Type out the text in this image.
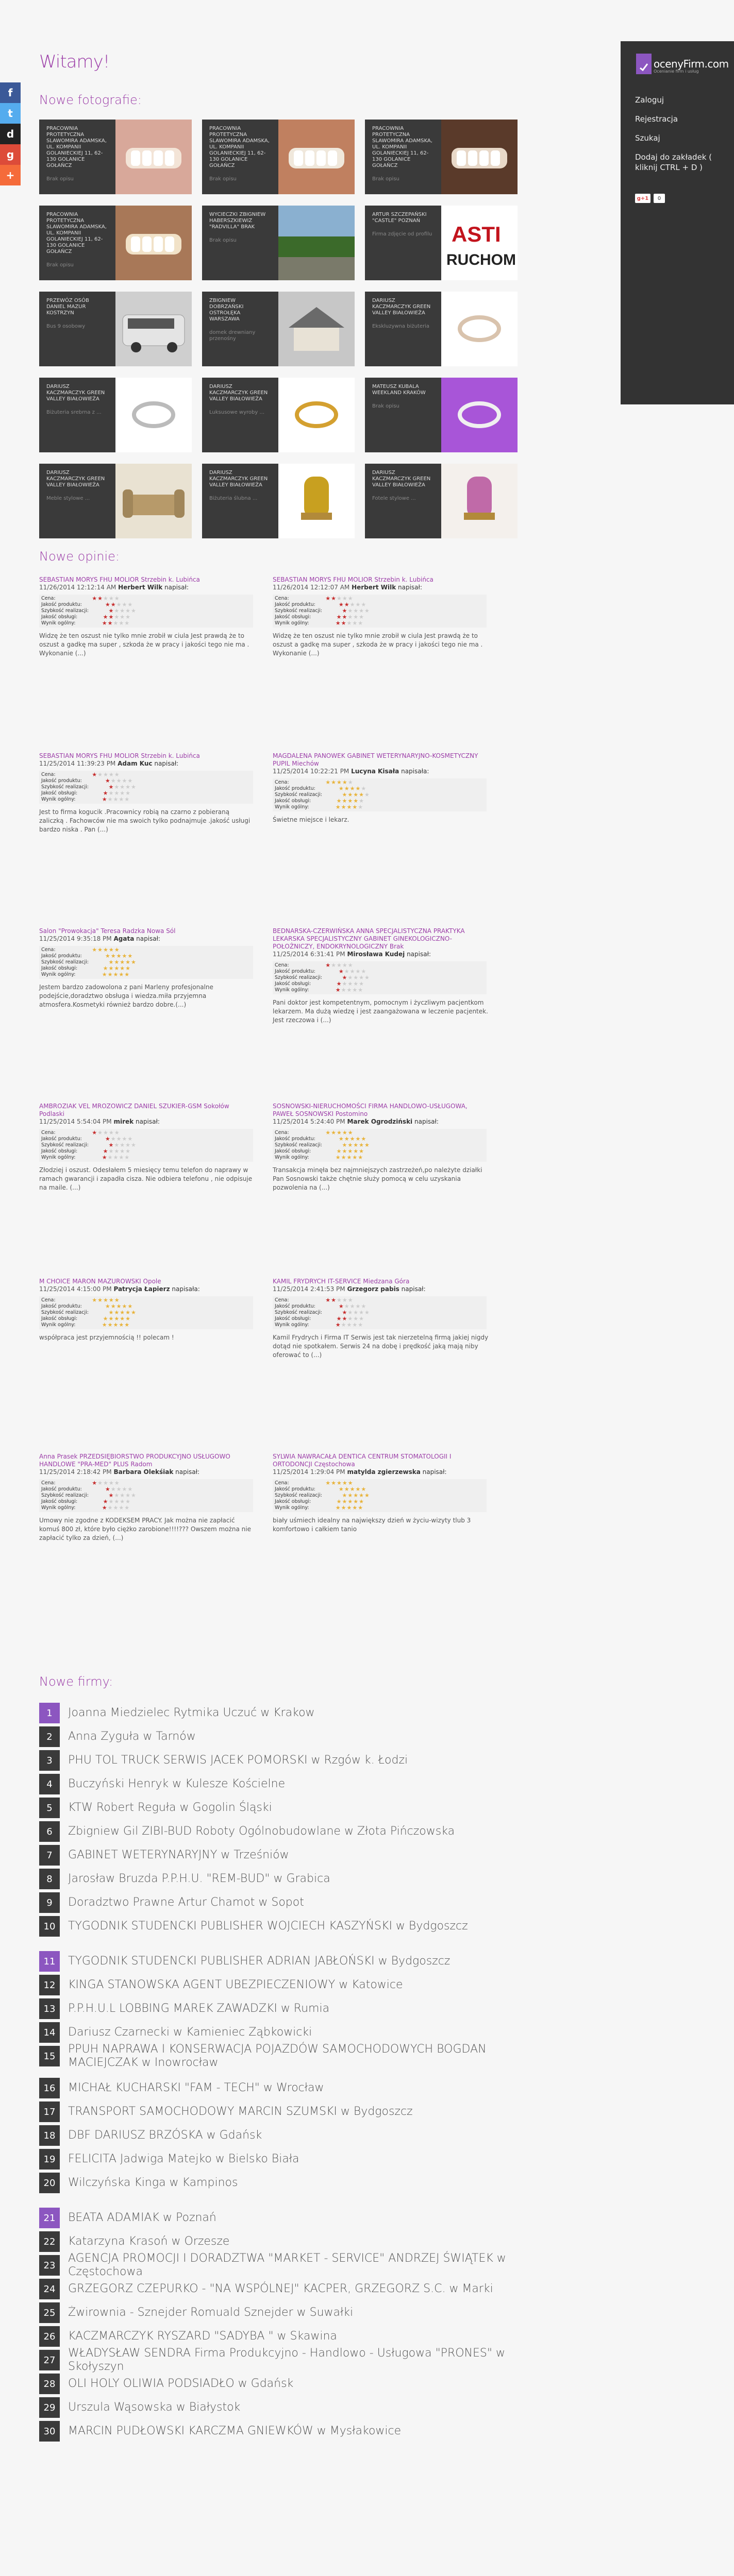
f
t
d
g
+
Witamy!
Nowe fotografie:
PRACOWNIA PROTETYCZNA SLAWOMIRA ADAMSKA, UL. KOMPANII GOLANIECKIEJ 11, 62-130 GOLANICE GOŁAŃCZ
Brak opisu
PRACOWNIA PROTETYCZNA SLAWOMIRA ADAMSKA, UL. KOMPANII GOLANIECKIEJ 11, 62-130 GOLANICE GOŁAŃCZ
Brak opisu
PRACOWNIA PROTETYCZNA SLAWOMIRA ADAMSKA, UL. KOMPANII GOLANIECKIEJ 11, 62-130 GOLANICE GOŁAŃCZ
Brak opisu
PRACOWNIA PROTETYCZNA SLAWOMIRA ADAMSKA, UL. KOMPANII GOLANIECKIEJ 11, 62-130 GOLANICE GOŁAŃCZ
Brak opisu
WYCIECZKI ZBIGNIEW HABERSZKIEWIZ "RADVILLA" BRAK
Brak opisu
ARTUR SZCZEPAŃSKI "CASTLE" POZNAŃ
Firma zdjęcie od profilu ASTI
RUCHOM
PRZEWÓZ OSÓB DANIEL MAZUR KOSTRZYN
Bus 9 osobowy
ZBIGNIEW DOBRZAŃSKI OSTROŁĘKA WARSZAWA
domek drewniany przenośny
DARIUSZ KACZMARCZYK GREEN VALLEY BIAŁOWIEŻA
Ekskluzywna biżuteria
DARIUSZ KACZMARCZYK GREEN VALLEY BIAŁOWIEŻA
Biżuteria srebrna z ...
DARIUSZ KACZMARCZYK GREEN VALLEY BIAŁOWIEŻA
Luksusowe wyroby ...
MATEUSZ KUBALA WEEKLAND KRAKÓW
Brak opisu
DARIUSZ KACZMARCZYK GREEN VALLEY BIAŁOWIEŻA
Meble stylowe ...
DARIUSZ KACZMARCZYK GREEN VALLEY BIAŁOWIEŻA
Biżuteria ślubna ...
DARIUSZ KACZMARCZYK GREEN VALLEY BIAŁOWIEŻA
Fotele stylowe ...
Nowe opinie:
SEBASTIAN MORYS FHU MOLIOR Strzebin k. Lubińca
11/26/2014 12:12:14 AM Herbert Wilk napisał:
Cena:	★ ★ ★ ★ ★
Jakość produktu:	★ ★ ★ ★ ★
Szybkość realizacji:	★ ★ ★ ★ ★
Jakość obsługi:	★ ★ ★ ★ ★
Wynik ogólny:	★ ★ ★ ★ ★

Widzę że ten oszust nie tylko mnie zrobił w ciula Jest prawdą że to oszust a gadkę ma super , szkoda że w pracy i jakości tego nie ma . Wykonanie (...)

SEBASTIAN MORYS FHU MOLIOR Strzebin k. Lubińca
11/26/2014 12:12:07 AM Herbert Wilk napisał:
Cena:	★ ★ ★ ★ ★
Jakość produktu:	★ ★ ★ ★ ★
Szybkość realizacji:	★ ★ ★ ★ ★
Jakość obsługi:	★ ★ ★ ★ ★
Wynik ogólny:	★ ★ ★ ★ ★

Widzę że ten oszust nie tylko mnie zrobił w ciula Jest prawdą że to oszust a gadkę ma super , szkoda że w pracy i jakości tego nie ma . Wykonanie (...)

SEBASTIAN MORYS FHU MOLIOR Strzebin k. Lubińca
11/25/2014 11:39:23 PM Adam Kuc napisał:
Cena:	★ ★ ★ ★ ★
Jakość produktu:	★ ★ ★ ★ ★
Szybkość realizacji:	★ ★ ★ ★ ★
Jakość obsługi:	★ ★ ★ ★ ★
Wynik ogólny:	★ ★ ★ ★ ★

Jest to firma kogucik .Pracownicy robią na czarno z pobieraną zaliczką . Fachowców nie ma swoich tylko podnajmuje .jakość usługi bardzo niska . Pan (...)

MAGDALENA PANOWEK GABINET WETERYNARYJNO-KOSMETYCZNY PUPIL Miechów
11/25/2014 10:22:21 PM Lucyna Kisała napisała:
Cena:	★ ★ ★ ★ ★
Jakość produktu:	★ ★ ★ ★ ★
Szybkość realizacji:	★ ★ ★ ★ ★
Jakość obsługi:	★ ★ ★ ★ ★
Wynik ogólny:	★ ★ ★ ★ ★

Świetne miejsce i lekarz.

Salon "Prowokacja" Teresa Radzka Nowa Sól
11/25/2014 9:35:18 PM Agata napisał:
Cena:	★ ★ ★ ★ ★
Jakość produktu:	★ ★ ★ ★ ★
Szybkość realizacji:	★ ★ ★ ★ ★
Jakość obsługi:	★ ★ ★ ★ ★
Wynik ogólny:	★ ★ ★ ★ ★

Jestem bardzo zadowolona z pani Marleny profesjonalne podejście,doradztwo obsługa i wiedza.miła przyjemna atmosfera.Kosmetyki również bardzo dobre.(...)

BEDNARSKA-CZERWIŃSKA ANNA SPECJALISTYCZNA PRAKTYKA LEKARSKA SPECJALISTYCZNY GABINET GINEKOLOGICZNO-POŁOŻNICZY, ENDOKRYNOLOGICZNY Brak
11/25/2014 6:31:41 PM Mirosława Kudej napisał:
Cena:	★ ★ ★ ★ ★
Jakość produktu:	★ ★ ★ ★ ★
Szybkość realizacji:	★ ★ ★ ★ ★
Jakość obsługi:	★ ★ ★ ★ ★
Wynik ogólny:	★ ★ ★ ★ ★

Pani doktor jest kompetentnym, pomocnym i życzliwym pacjentkom lekarzem. Ma dużą wiedzę i jest zaangażowana w leczenie pacjentek. Jest rzeczowa i (...)

AMBROZIAK VEL MROZOWICZ DANIEL SZUKIER-GSM Sokołów Podlaski
11/25/2014 5:54:04 PM mirek napisał:
Cena:	★ ★ ★ ★ ★
Jakość produktu:	★ ★ ★ ★ ★
Szybkość realizacji:	★ ★ ★ ★ ★
Jakość obsługi:	★ ★ ★ ★ ★
Wynik ogólny:	★ ★ ★ ★ ★

Złodziej i oszust. Odesłałem 5 miesięcy temu telefon do naprawy w ramach gwarancji i zapadła cisza. Nie odbiera telefonu , nie odpisuje na maile. (...)

SOSNOWSKI-NIERUCHOMOŚCI FIRMA HANDLOWO-USŁUGOWA, PAWEŁ SOSNOWSKI Postomino
11/25/2014 5:24:40 PM Marek Ogrodziński napisał:
Cena:	★ ★ ★ ★ ★
Jakość produktu:	★ ★ ★ ★ ★
Szybkość realizacji:	★ ★ ★ ★ ★
Jakość obsługi:	★ ★ ★ ★ ★
Wynik ogólny:	★ ★ ★ ★ ★

Transakcja minęła bez najmniejszych zastrzeżeń,po należyte działki Pan Sosnowski także chętnie służy pomocą w celu uzyskania pozwolenia na (...)

M CHOICE MARON MAZUROWSKI Opole
11/25/2014 4:15:00 PM Patrycja Łapierz napisała:
Cena:	★ ★ ★ ★ ★
Jakość produktu:	★ ★ ★ ★ ★
Szybkość realizacji:	★ ★ ★ ★ ★
Jakość obsługi:	★ ★ ★ ★ ★
Wynik ogólny:	★ ★ ★ ★ ★

współpraca jest przyjemnością !! polecam !

KAMIL FRYDRYCH IT-SERVICE Miedzana Góra
11/25/2014 2:41:53 PM Grzegorz pabis napisał:
Cena:	★ ★ ★ ★ ★
Jakość produktu:	★ ★ ★ ★ ★
Szybkość realizacji:	★ ★ ★ ★ ★
Jakość obsługi:	★ ★ ★ ★ ★
Wynik ogólny:	★ ★ ★ ★ ★

Kamil Frydrych i Firma IT Serwis jest tak nierzetelną firmą jakiej nigdy dotąd nie spotkałem. Serwis 24 na dobę i prędkość jaką mają niby oferować to (...)

Anna Prasek PRZEDSIĘBIORSTWO PRODUKCYJNO USŁUGOWO HANDLOWE "PRA-MED" PLUS Radom
11/25/2014 2:18:42 PM Barbara Olekśiak napisał:
Cena:	★ ★ ★ ★ ★
Jakość produktu:	★ ★ ★ ★ ★
Szybkość realizacji:	★ ★ ★ ★ ★
Jakość obsługi:	★ ★ ★ ★ ★
Wynik ogólny:	★ ★ ★ ★ ★

Umowy nie zgodne z KODEKSEM PRACY. Jak można nie zapłacić komuś 800 zł, które było ciężko zarobione!!!!??? Owszem można nie zapłacić tylko za dzień, (...)

SYLWIA NAWRACAŁA DENTICA CENTRUM STOMATOLOGII I ORTODONCJI Częstochowa
11/25/2014 1:29:04 PM matylda zgierzewska napisał:
Cena:	★ ★ ★ ★ ★
Jakość produktu:	★ ★ ★ ★ ★
Szybkość realizacji:	★ ★ ★ ★ ★
Jakość obsługi:	★ ★ ★ ★ ★
Wynik ogólny:	★ ★ ★ ★ ★

biały uśmiech idealny na największy dzień w życiu-wizyty tlub 3 komfortowo i całkiem tanio

Nowe firmy:
1	Joanna Miedzielec Rytmika Uczuć w Krakow
2	Anna Zyguła w Tarnów
3	PHU TOL TRUCK SERWIS JACEK POMORSKI w Rzgów k. Łodzi
4	Buczyński Henryk w Kulesze Kościelne
5	KTW Robert Reguła w Gogolin Śląski
6	Zbigniew Gil ZIBI-BUD Roboty Ogólnobudowlane w Złota Pińczowska
7	GABINET WETERYNARYJNY w Trześniów
8	Jarosław Bruzda P.P.H.U. "REM-BUD" w Grabica
9	Doradztwo Prawne Artur Chamot w Sopot
10	TYGODNIK STUDENCKI PUBLISHER WOJCIECH KASZYŃSKI w Bydgoszcz
11	TYGODNIK STUDENCKI PUBLISHER ADRIAN JABŁOŃSKI w Bydgoszcz
12	KINGA STANOWSKA AGENT UBEZPIECZENIOWY w Katowice
13	P.P.H.U.L LOBBING MAREK ZAWADZKI w Rumia
14	Dariusz Czarnecki w Kamieniec Ząbkowicki
15
PPUH NAPRAWA I KONSERWACJA POJAZDÓW SAMOCHODOWYCH BOGDAN MACIEJCZAK w Inowrocław
16	MICHAŁ KUCHARSKI "FAM - TECH" w Wrocław
17	TRANSPORT SAMOCHODOWY MARCIN SZUMSKI w Bydgoszcz
18	DBF DARIUSZ BRZÓSKA w Gdańsk
19	FELICITA Jadwiga Matejko w Bielsko Biała
20	Wilczyńska Kinga w Kampinos
21	BEATA ADAMIAK w Poznań
22	Katarzyna Krasoń w Orzesze
23
AGENCJA PROMOCJI I DORADZTWA "MARKET - SERVICE" ANDRZEJ ŚWIĄTEK w Częstochowa
24	GRZEGORZ CZEPURKO - "NA WSPÓLNEJ" KACPER, GRZEGORZ S.C. w Marki
25	Żwirownia - Sznejder Romuald Sznejder w Suwałki
26	KACZMARCZYK RYSZARD "SADYBA " w Skawina
27
WŁADYSŁAW SENDRA Firma Produkcyjno - Handlowo - Usługowa "PRONES" w Skołyszyn
28	OLI HOLY OLIWIA PODSIADŁO w Gdańsk
29	Urszula Wąsowska w Białystok
30	MARCIN PUDŁOWSKI KARCZMA GNIEWKÓW w Mysłakowice
ocenyFirm.com
Ocenianie firm i usług
Zaloguj
Rejestracja
Szukaj
Dodaj do zakładek ( kliknij CTRL + D )
g+1	0
